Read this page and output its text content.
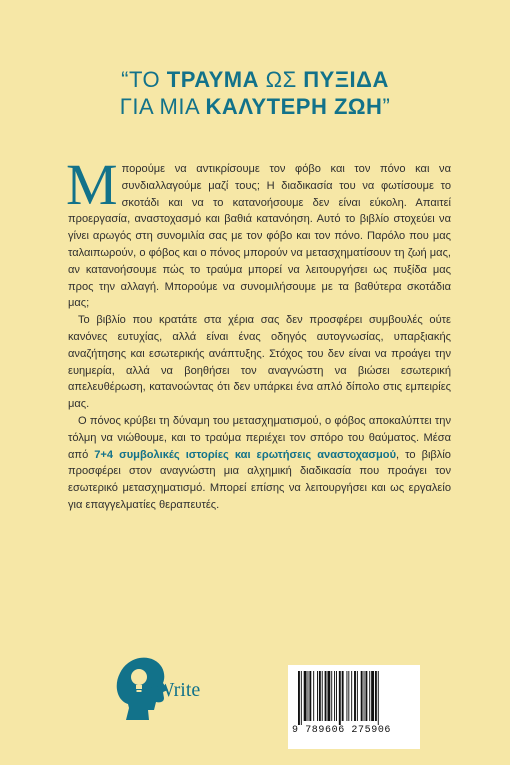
“ΤΟ ΤΡΑΥΜΑ ΩΣ ΠΥΞΙΔΑ
ΓΙΑ ΜΙΑ ΚΑΛΥΤΕΡΗ ΖΩΗ”

Μπορούμε να αντικρίσουμε τον φόβο και τον πόνο και να συνδιαλλαγούμε μαζί τους; Η διαδικασία του να φωτίσουμε το σκοτάδι και να το κατανοήσουμε δεν είναι εύκολη. Απαιτεί προεργασία, αναστοχασμό και βαθιά κατανόηση. Αυτό το βιβλίο στοχεύει να γίνει αρωγός στη συνομιλία σας με τον φόβο και τον πόνο. Παρόλο που μας ταλαιπωρούν, ο φόβος και ο πόνος μπορούν να μετασχηματίσουν τη ζωή μας, αν κατανοήσουμε πώς το τραύμα μπορεί να λειτουργήσει ως πυξίδα μας προς την αλλαγή. Μπορούμε να συνομιλήσουμε με τα βαθύτερα σκοτάδια μας;

Το βιβλίο που κρατάτε στα χέρια σας δεν προσφέρει συμβουλές ούτε κανόνες ευτυχίας, αλλά είναι ένας οδηγός αυτογνωσίας, υπαρξιακής αναζήτησης και εσωτερικής ανάπτυξης. Στόχος του δεν είναι να προάγει την ευημερία, αλλά να βοηθήσει τον αναγνώστη να βιώσει εσωτερική απελευθέρωση, κατανοώντας ότι δεν υπάρκει ένα απλό δίπολο στις εμπειρίες μας.

Ο πόνος κρύβει τη δύναμη του μετασχηματισμού, ο φόβος αποκαλύπτει την τόλμη να νιώθουμε, και το τραύμα περιέχει τον σπόρο του θαύματος. Μέσα από 7+4 συμβολικές ιστορίες και ερωτήσεις αναστοχασμού, το βιβλίο προσφέρει στον αναγνώστη μια αλχημική διαδικασία που προάγει τον εσωτερικό μετασχηματισμό. Μπορεί επίσης να λειτουργήσει και ως εργαλείο για επαγγελματίες θεραπευτές.

iWrite
9 789606 275906
